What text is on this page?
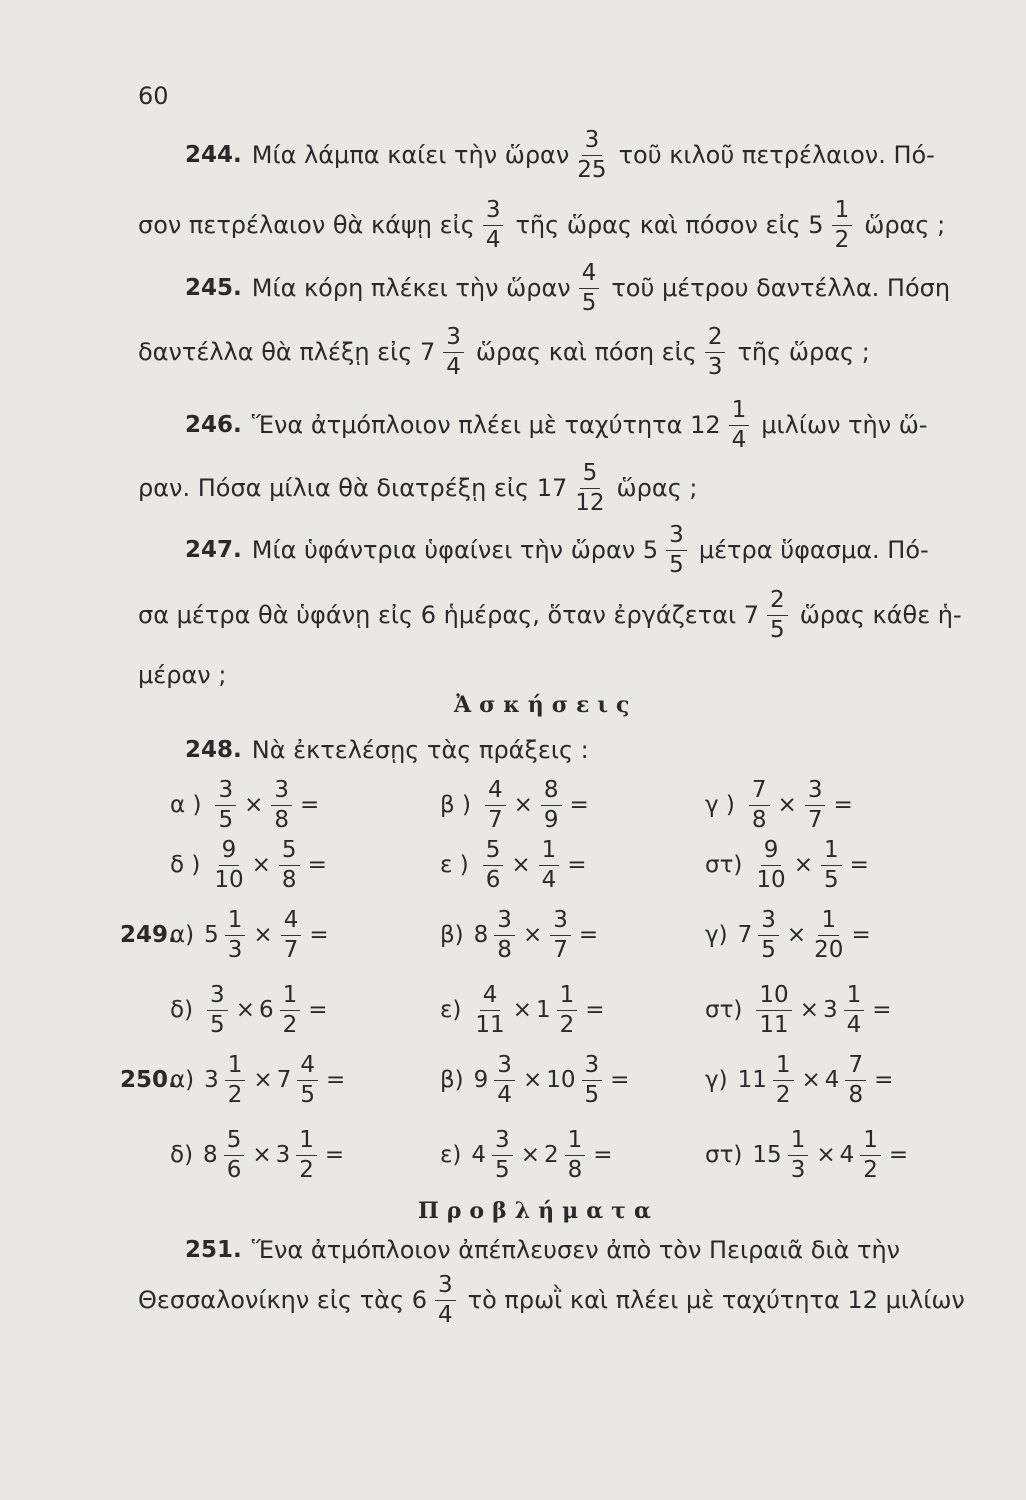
60
244. Μία λάμπα καίει τὴν ὥραν $\frac{3}{25}$ τοῦ κιλοῦ πετρέλαιον. Πό-
σον πετρέλαιον θὰ κάψῃ εἰς $\frac{3}{4}$ τῆς ὥρας καὶ πόσον εἰς $5 \frac{1}{2}$ ὥρας ;
245. Μία κόρη πλέκει τὴν ὥραν $\frac{4}{5}$ τοῦ μέτρου δαντέλλα. Πόση
δαντέλλα θὰ πλέξῃ εἰς $7 \frac{3}{4}$ ὥρας καὶ πόση εἰς $\frac{2}{3}$ τῆς ὥρας ;
246. Ἕνα ἀτμόπλοιον πλέει μὲ ταχύτητα $12 \frac{1}{4}$ μιλίων τὴν ὥ-
ραν. Πόσα μίλια θὰ διατρέξῃ εἰς $17 \frac{5}{12}$ ὥρας ;
247. Μία ὑφάντρια ὑφαίνει τὴν ὥραν $5 \frac{3}{5}$ μέτρα ὕφασμα. Πό-
σα μέτρα θὰ ὑφάνῃ εἰς 6 ἡμέρας, ὅταν ἐργάζεται $7 \frac{2}{5}$ ὥρας κάθε ἡ-
μέραν ;
Ἀσκήσεις
248. Νὰ ἐκτελέσῃς τὰς πράξεις :
α ) $\frac{3}{5} \times \frac{3}{8}$ =	β ) $\frac{4}{7} \times \frac{8}{9}$ =	γ ) $\frac{7}{8} \times \frac{3}{7}$ =
δ ) $\frac{9}{10} \times \frac{5}{8}$ =	ε ) $\frac{5}{6} \times \frac{1}{4}$ =	$\sigma\tau) \frac{9}{10} \times \frac{1}{5}$ =
249.
α) $5 \frac{1}{3} \times \frac{4}{7}$ =	β) $8 \frac{3}{8} \times \frac{3}{7}$ =	γ) $7 \frac{3}{5} \times \frac{1}{20}$ =
$\delta) \frac{3}{5} \times 6 \frac{1}{2}$ =	$\varepsilon) \frac{4}{11} \times 1 \frac{1}{2}$ =	$\sigma\tau) \frac{10}{11} \times 3 \frac{1}{4}$ =
250.
α) $3 \frac{1}{2} \times 7 \frac{4}{5}$ =	β) $9 \frac{3}{4} \times 10 \frac{3}{5}$ =	γ) $11 \frac{1}{2} \times 4 \frac{7}{8}$ =
δ) $8 \frac{5}{6} \times 3 \frac{1}{2}$ =	ε) $4 \frac{3}{5} \times 2 \frac{1}{8}$ =	στ) $15 \frac{1}{3} \times 4 \frac{1}{2}$ =
Προβλήματα
251. Ἕνα ἀτμόπλοιον ἀπέπλευσεν ἀπὸ τὸν Πειραιᾶ διὰ τὴν
Θεσσαλονίκην εἰς τὰς $6 \frac{3}{4}$ τὸ πρωῒ καὶ πλέει μὲ ταχύτητα 12 μιλίων
